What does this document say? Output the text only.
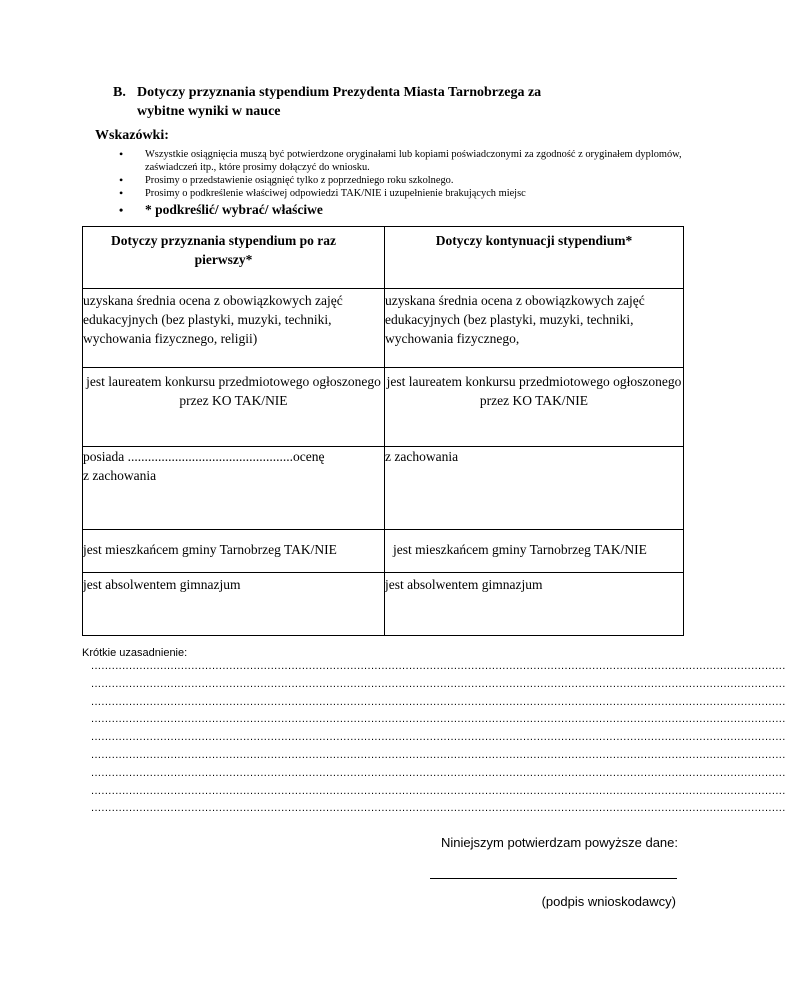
B. Dotyczy przyznania stypendium Prezydenta Miasta Tarnobrzega za
wybitne wyniki w nauce
Wskazówki:
• Wszystkie osiągnięcia muszą być potwierdzone oryginałami lub kopiami poświadczonymi za zgodność z oryginałem dyplomów, zaświadczeń itp., które prosimy dołączyć do wniosku.
• Prosimy o przedstawienie osiągnięć tylko z poprzedniego roku szkolnego.
• Prosimy o podkreślenie właściwej odpowiedzi TAK/NIE i uzupełnienie brakujących miejsc
• * podkreślić/ wybrać/ właściwe
Dotyczy przyznania stypendium po raz pierwszy*	Dotyczy kontynuacji stypendium*

uzyskana średnia ocena z obowiązkowych zajęć edukacyjnych (bez plastyki, muzyki, techniki, wychowania fizycznego, religii)	uzyskana średnia ocena z obowiązkowych zajęć edukacyjnych (bez plastyki, muzyki, techniki, wychowania fizycznego,

jest laureatem konkursu przedmiotowego ogłoszonego przez KO TAK/NIE	jest laureatem konkursu przedmiotowego ogłoszonego przez KO TAK/NIE

posiada .................................................ocenę
z zachowania	z zachowania

jest mieszkańcem gminy Tarnobrzeg TAK/NIE	jest mieszkańcem gminy Tarnobrzeg TAK/NIE

jest absolwentem gimnazjum	jest absolwentem gimnazjum
Krótkie uzasadnienie:
.........................................................................................................................................................................................................
.........................................................................................................................................................................................................
.........................................................................................................................................................................................................
.........................................................................................................................................................................................................
.........................................................................................................................................................................................................
.........................................................................................................................................................................................................
.........................................................................................................................................................................................................
.........................................................................................................................................................................................................
.........................................................................................................................................................................................................
Niniejszym potwierdzam powyższe dane:
(podpis wnioskodawcy)
